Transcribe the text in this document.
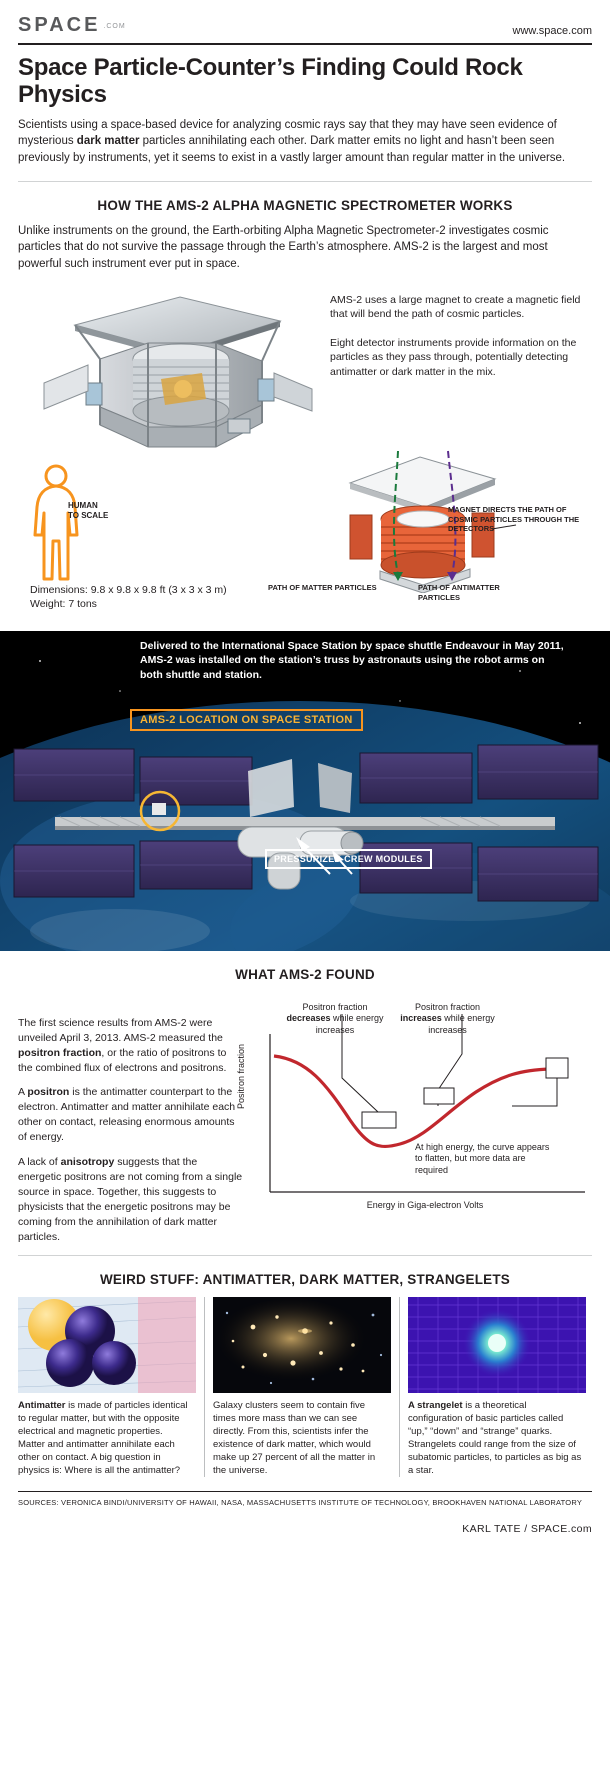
SPACE .COM	www.space.com
Space Particle-Counter’s Finding Could Rock Physics

Scientists using a space-based device for analyzing cosmic rays say that they may have seen evidence of mysterious dark matter particles annihilating each other. Dark matter emits no light and hasn’t been seen previously by instruments, yet it seems to exist in a vastly larger amount than regular matter in the universe.

HOW THE AMS-2 ALPHA MAGNETIC SPECTROMETER WORKS

Unlike instruments on the ground, the Earth-orbiting Alpha Magnetic Spectrometer-2 investigates cosmic particles that do not survive the passage through the Earth’s atmosphere. AMS-2 is the largest and most powerful such instrument ever put in space.

AMS-2 uses a large magnet to create a magnetic field that will bend the path of cosmic particles.

Eight detector instruments provide information on the particles as they pass through, potentially detecting antimatter or dark matter in the mix.

HUMAN
TO SCALE
Dimensions: 9.8 x 9.8 x 9.8 ft (3 x 3 x 3 m)
Weight: 7 tons
MAGNET DIRECTS THE PATH OF COSMIC PARTICLES THROUGH THE DETECTORS
PATH OF MATTER PARTICLES	PATH OF ANTIMATTER PARTICLES
Delivered to the International Space Station by space shuttle Endeavour in May 2011, AMS-2 was installed on the station’s truss by astronauts using the robot arms on both shuttle and station.
AMS-2 LOCATION ON SPACE STATION
PRESSURIZED CREW MODULES
WHAT AMS-2 FOUND

The first science results from AMS-2 were unveiled April 3, 2013. AMS-2 measured the positron fraction, or the ratio of positrons to the combined flux of electrons and positrons.

A positron is the antimatter counterpart to the electron. Antimatter and matter annihilate each other on contact, releasing enormous amounts of energy.

A lack of anisotropy suggests that the energetic positrons are not coming from a single source in space. Together, this suggests to physicists that the energetic positrons may be coming from the annihilation of dark matter particles.

Positron fraction decreases while energy increases
Positron fraction increases while energy increases
At high energy, the curve appears to flatten, but more data are required
Positron fraction
Energy in Giga-electron Volts
WEIRD STUFF: ANTIMATTER, DARK MATTER, STRANGELETS
Antimatter is made of particles identical to regular matter, but with the opposite electrical and magnetic properties. Matter and antimatter annihilate each other on contact. A big question in physics is: Where is all the antimatter?
Galaxy clusters seem to contain five times more mass than we can see directly. From this, scientists infer the existence of dark matter, which would make up 27 percent of all the matter in the universe.
A strangelet is a theoretical configuration of basic particles called “up,” “down” and “strange” quarks. Strangelets could range from the size of subatomic particles, to particles as big as a star.
SOURCES: VERONICA BINDI/UNIVERSITY OF HAWAII, NASA, MASSACHUSETTS INSTITUTE OF TECHNOLOGY, BROOKHAVEN NATIONAL LABORATORY
KARL TATE / SPACE.com
